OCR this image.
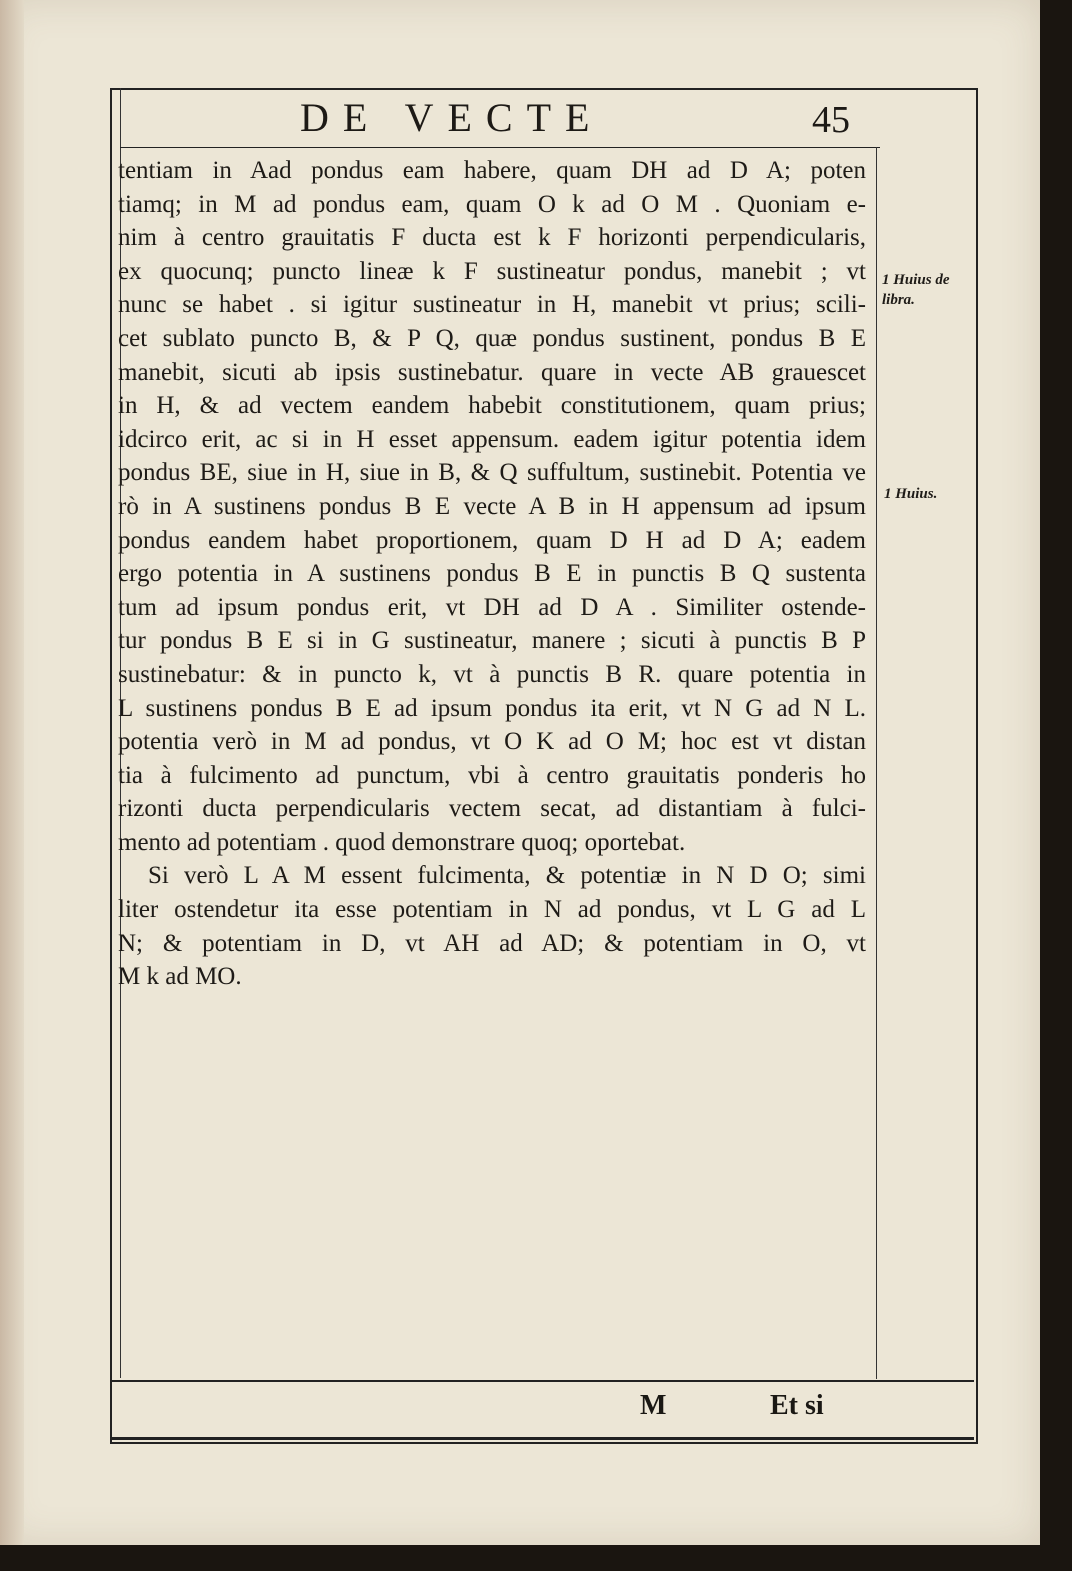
DE VECTE	45
tentiam in Aad pondus eam habere, quam DH ad D A; poten
tiamq; in M ad pondus eam, quam O k ad O M . Quoniam e-
nim à centro grauitatis F ducta est k F horizonti perpendicularis,
ex quocunq; puncto lineæ k F sustineatur pondus, manebit ; vt
nunc se habet . si igitur sustineatur in H, manebit vt prius; scili-
cet sublato puncto B, & P Q, quæ pondus sustinent, pondus B E
manebit, sicuti ab ipsis sustinebatur. quare in vecte AB grauescet
in H, & ad vectem eandem habebit constitutionem, quam prius;
idcirco erit, ac si in H esset appensum. eadem igitur potentia idem
pondus BE, siue in H, siue in B, & Q suffultum, sustinebit. Potentia ve
rò in A sustinens pondus B E vecte A B in H appensum ad ipsum
pondus eandem habet proportionem, quam D H ad D A; eadem
ergo potentia in A sustinens pondus B E in punctis B Q sustenta
tum ad ipsum pondus erit, vt DH ad D A . Similiter ostende-
tur pondus B E si in G sustineatur, manere ; sicuti à punctis B P
sustinebatur: & in puncto k, vt à punctis B R. quare potentia in
L sustinens pondus B E ad ipsum pondus ita erit, vt N G ad N L.
potentia verò in M ad pondus, vt O K ad O M; hoc est vt distan
tia à fulcimento ad punctum, vbi à centro grauitatis ponderis ho
rizonti ducta perpendicularis vectem secat, ad distantiam à fulci-
mento ad potentiam . quod demonstrare quoq; oportebat.
Si verò L A M essent fulcimenta, & potentiæ in N D O; simi
liter ostendetur ita esse potentiam in N ad pondus, vt L G ad L
N; & potentiam in D, vt AH ad AD; & potentiam in O, vt
M k ad MO.
1 Huius de libra.
1 Huius.
M	Et si
